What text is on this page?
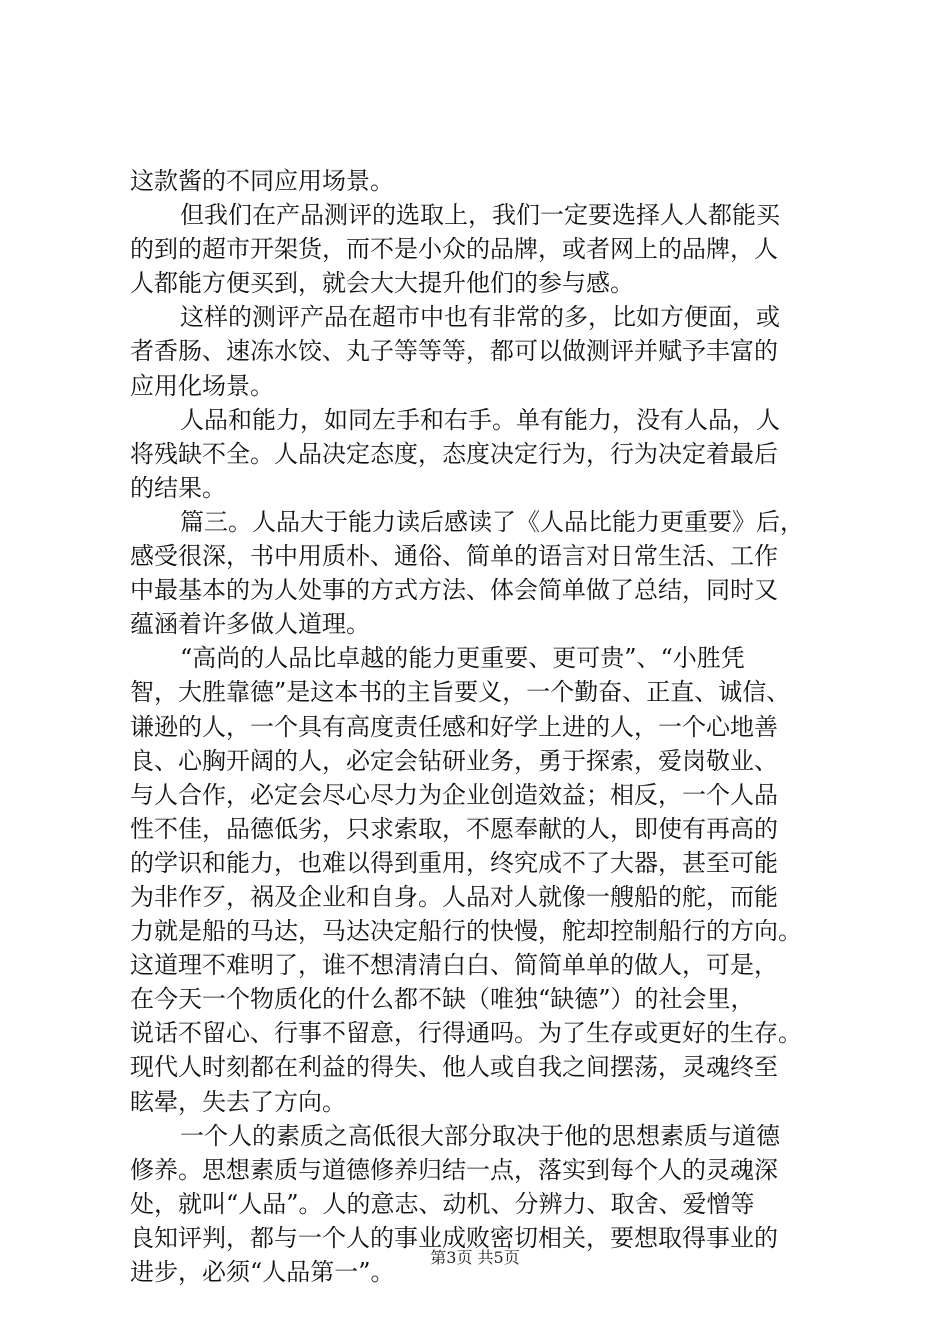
这款酱的不同应用场景。
但我们在产品测评的选取上，我们一定要选择人人都能买
的到的超市开架货，而不是小众的品牌，或者网上的品牌，人
人都能方便买到，就会大大提升他们的参与感。
这样的测评产品在超市中也有非常的多，比如方便面，或
者香肠、速冻水饺、丸子等等等，都可以做测评并赋予丰富的
应用化场景。
人品和能力，如同左手和右手。单有能力，没有人品，人
将残缺不全。人品决定态度，态度决定行为，行为决定着最后
的结果。
篇三。人品大于能力读后感读了《人品比能力更重要》后，
感受很深，书中用质朴、通俗、简单的语言对日常生活、工作
中最基本的为人处事的方式方法、体会简单做了总结，同时又
蕴涵着许多做人道理。
“高尚的人品比卓越的能力更重要、更可贵”、“小胜凭
智，大胜靠德”是这本书的主旨要义，一个勤奋、正直、诚信、
谦逊的人，一个具有高度责任感和好学上进的人，一个心地善
良、心胸开阔的人，必定会钻研业务，勇于探索，爱岗敬业、
与人合作，必定会尽心尽力为企业创造效益；相反，一个人品
性不佳，品德低劣，只求索取，不愿奉献的人，即使有再高的
的学识和能力，也难以得到重用，终究成不了大器，甚至可能
为非作歹，祸及企业和自身。人品对人就像一艘船的舵，而能
力就是船的马达，马达决定船行的快慢，舵却控制船行的方向。
这道理不难明了，谁不想清清白白、简简单单的做人，可是，
在今天一个物质化的什么都不缺（唯独“缺德”）的社会里，
说话不留心、行事不留意，行得通吗。为了生存或更好的生存。
现代人时刻都在利益的得失、他人或自我之间摆荡，灵魂终至
眩晕，失去了方向。
一个人的素质之高低很大部分取决于他的思想素质与道德
修养。思想素质与道德修养归结一点，落实到每个人的灵魂深
处，就叫“人品”。人的意志、动机、分辨力、取舍、爱憎等
良知评判，都与一个人的事业成败密切相关，要想取得事业的
进步，必须“人品第一”。
第3页 共5页
